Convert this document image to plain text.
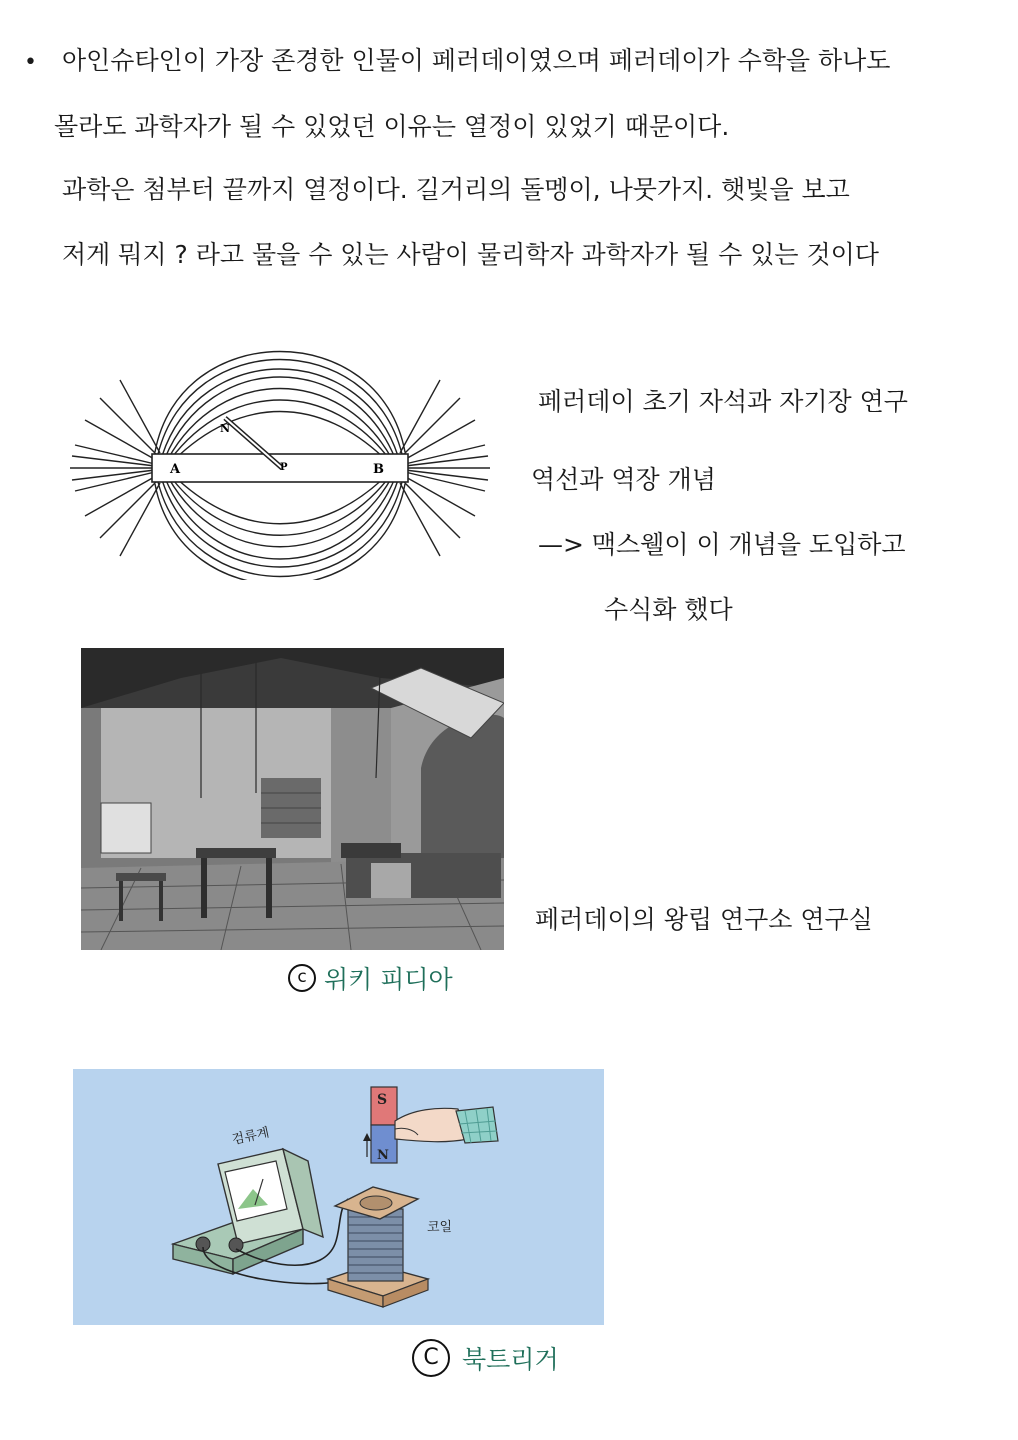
• 아인슈타인이 가장 존경한 인물이 페러데이였으며 페러데이가 수학을 하나도
몰라도 과학자가 될 수 있었던 이유는 열정이 있었기 때문이다.
과학은 첨부터 끝까지 열정이다. 길거리의 돌멩이, 나뭇가지. 햇빛을 보고
저게 뭐지 ? 라고 물을 수 있는 사람이 물리학자 과학자가 될 수 있는 것이다
A	B
N
P
페러데이 초기 자석과 자기장 연구
역선과 역장 개념
—> 맥스웰이 이 개념을 도입하고
수식화 했다
페러데이의 왕립 연구소 연구실
c 위키 피디아
검류계
코일
S
N
C 북트리거
